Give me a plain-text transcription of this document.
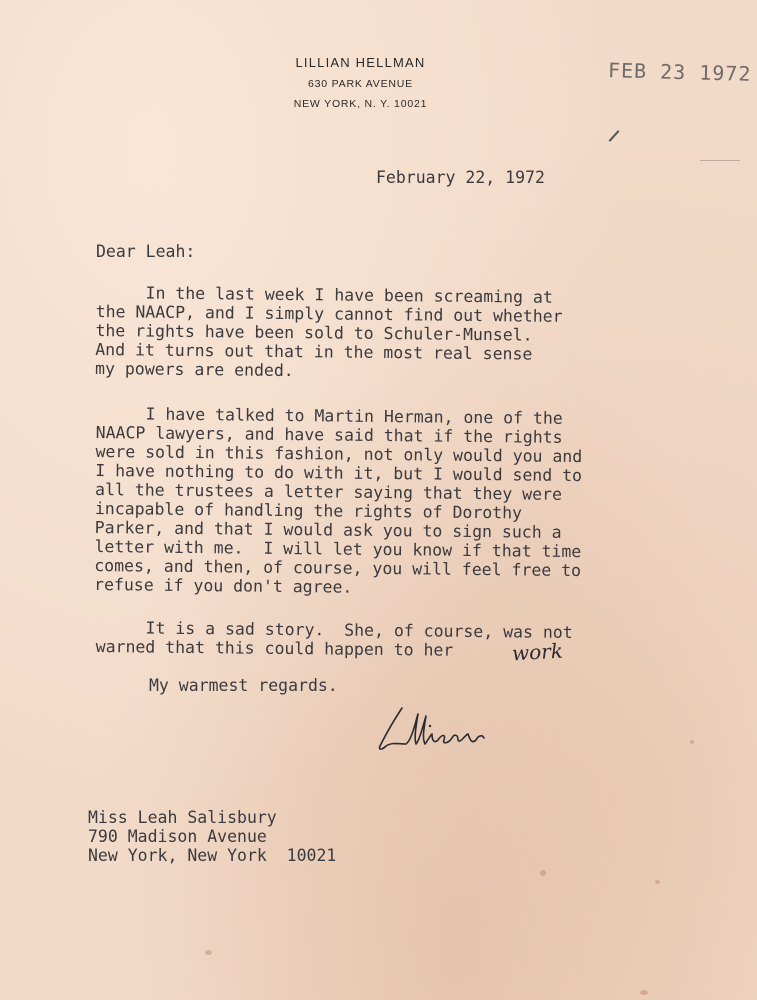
LILLIAN HELLMAN
630 PARK AVENUE
NEW YORK, N. Y. 10021
FEB 23 1972
February 22, 1972
Dear Leah:
In the last week I have been screaming at
the NAACP, and I simply cannot find out whether
the rights have been sold to Schuler-Munsel.
And it turns out that in the most real sense
my powers are ended.
I have talked to Martin Herman, one of the
NAACP lawyers, and have said that if the rights
were sold in this fashion, not only would you and
I have nothing to do with it, but I would send to
all the trustees a letter saying that they were
incapable of handling the rights of Dorothy
Parker, and that I would ask you to sign such a
letter with me.  I will let you know if that time
comes, and then, of course, you will feel free to
refuse if you don't agree.
It is a sad story.  She, of course, was not
warned that this could happen to her	work
My warmest regards.
Miss Leah Salisbury
790 Madison Avenue
New York, New York  10021
